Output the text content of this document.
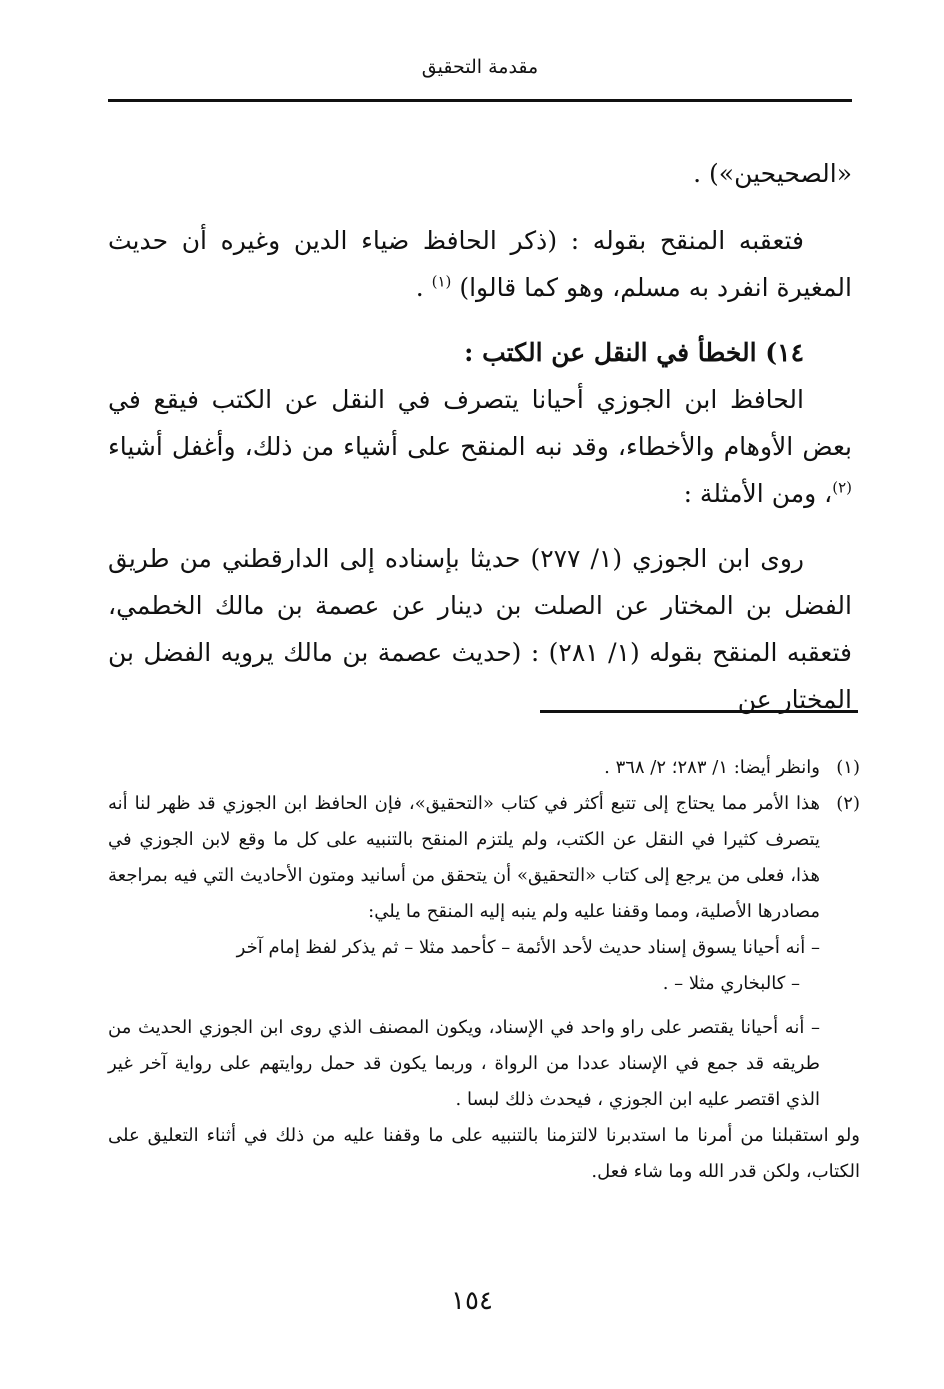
مقدمة التحقيق

«الصحيحين») .

فتعقبه المنقح بقوله : (ذكر الحافظ ضياء الدين وغيره أن حديث المغيرة انفرد به مسلم، وهو كما قالوا) $^{(١)}$ .

١٤) الخطأ في النقل عن الكتب :

الحافظ ابن الجوزي أحيانا يتصرف في النقل عن الكتب فيقع في بعض الأوهام والأخطاء، وقد نبه المنقح على أشياء من ذلك، وأغفل أشياء $^{(٢)}$، ومن الأمثلة :

روى ابن الجوزي (١/ ٢٧٧) حديثا بإسناده إلى الدارقطني من طريق الفضل بن المختار عن الصلت بن دينار عن عصمة بن مالك الخطمي، فتعقبه المنقح بقوله (١/ ٢٨١) : (حديث عصمة بن مالك يرويه الفضل بن المختار عن

(١)
وانظر أيضا: ١/ ٢٨٣؛ ٢/ ٣٦٨ .

(٢)
هذا الأمر مما يحتاج إلى تتبع أكثر في كتاب «التحقيق»، فإن الحافظ ابن الجوزي قد ظهر لنا أنه يتصرف كثيرا في النقل عن الكتب، ولم يلتزم المنقح بالتنبيه على كل ما وقع لابن الجوزي في هذا، فعلى من يرجع إلى كتاب «التحقيق» أن يتحقق من أسانيد ومتون الأحاديث التي فيه بمراجعة مصادرها الأصلية، ومما وقفنا عليه ولم ينبه إليه المنقح ما يلي:

– أنه أحيانا يسوق إسناد حديث لأحد الأئمة – كأحمد مثلا – ثم يذكر لفظ إمام آخر

– كالبخاري مثلا – .

– أنه أحيانا يقتصر على راو واحد في الإسناد، ويكون المصنف الذي روى ابن الجوزي الحديث من طريقه قد جمع في الإسناد عددا من الرواة ، وربما يكون قد حمل روايتهم على رواية آخر غير الذي اقتصر عليه ابن الجوزي ، فيحدث ذلك لبسا .

ولو استقبلنا من أمرنا ما استدبرنا لالتزمنا بالتنبيه على ما وقفنا عليه من ذلك في أثناء التعليق على الكتاب، ولكن قدر الله وما شاء فعل.

١٥٤
